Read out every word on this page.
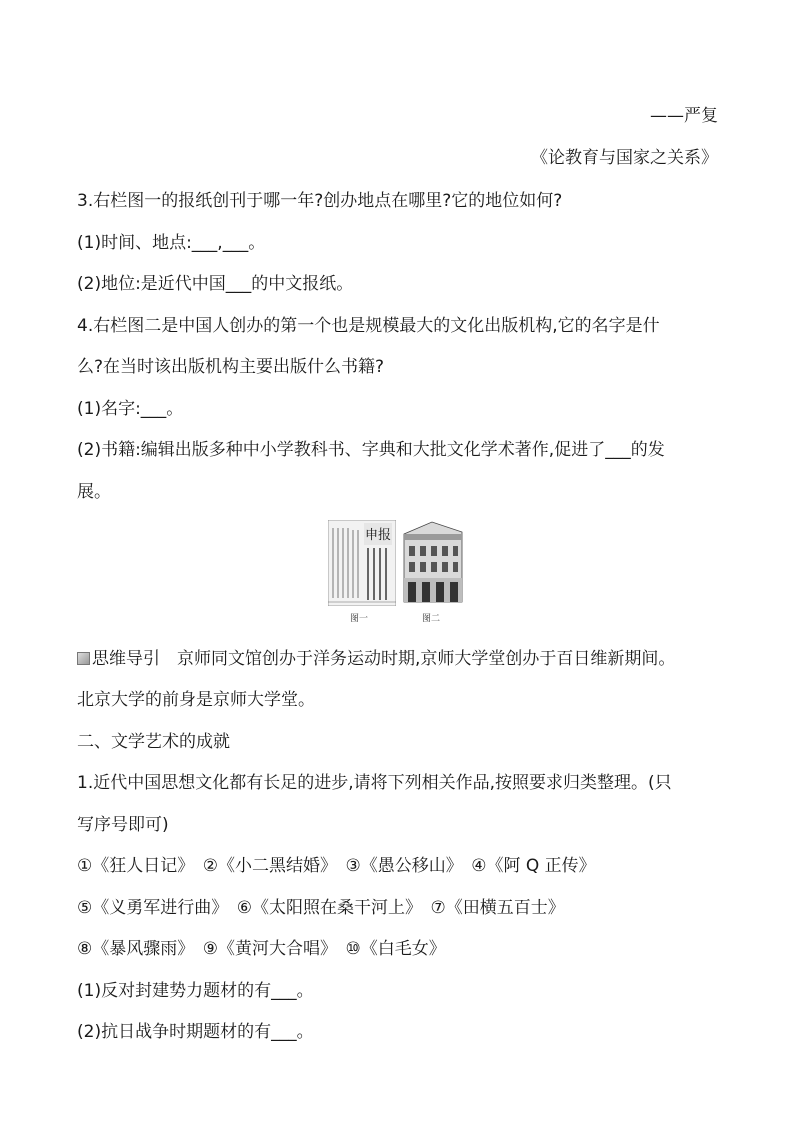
——严复
《论教育与国家之关系》
3.右栏图一的报纸创刊于哪一年?创办地点在哪里?它的地位如何?
(1)时间、地点:___,___。
(2)地位:是近代中国___的中文报纸。
4.右栏图二是中国人创办的第一个也是规模最大的文化出版机构,它的名字是什
么?在当时该出版机构主要出版什么书籍?
(1)名字:___。
(2)书籍:编辑出版多种中小学教科书、字典和大批文化学术著作,促进了___的发
展。
申报
图一	图二
思维导引　京师同文馆创办于洋务运动时期,京师大学堂创办于百日维新期间。
北京大学的前身是京师大学堂。
二、文学艺术的成就
1.近代中国思想文化都有长足的进步,请将下列相关作品,按照要求归类整理。(只
写序号即可)
①《狂人日记》　②《小二黑结婚》　③《愚公移山》　④《阿 Q 正传》
⑤《义勇军进行曲》　⑥《太阳照在桑干河上》　⑦《田横五百士》
⑧《暴风骤雨》　⑨《黄河大合唱》　⑩《白毛女》
(1)反对封建势力题材的有___。
(2)抗日战争时期题材的有___。
